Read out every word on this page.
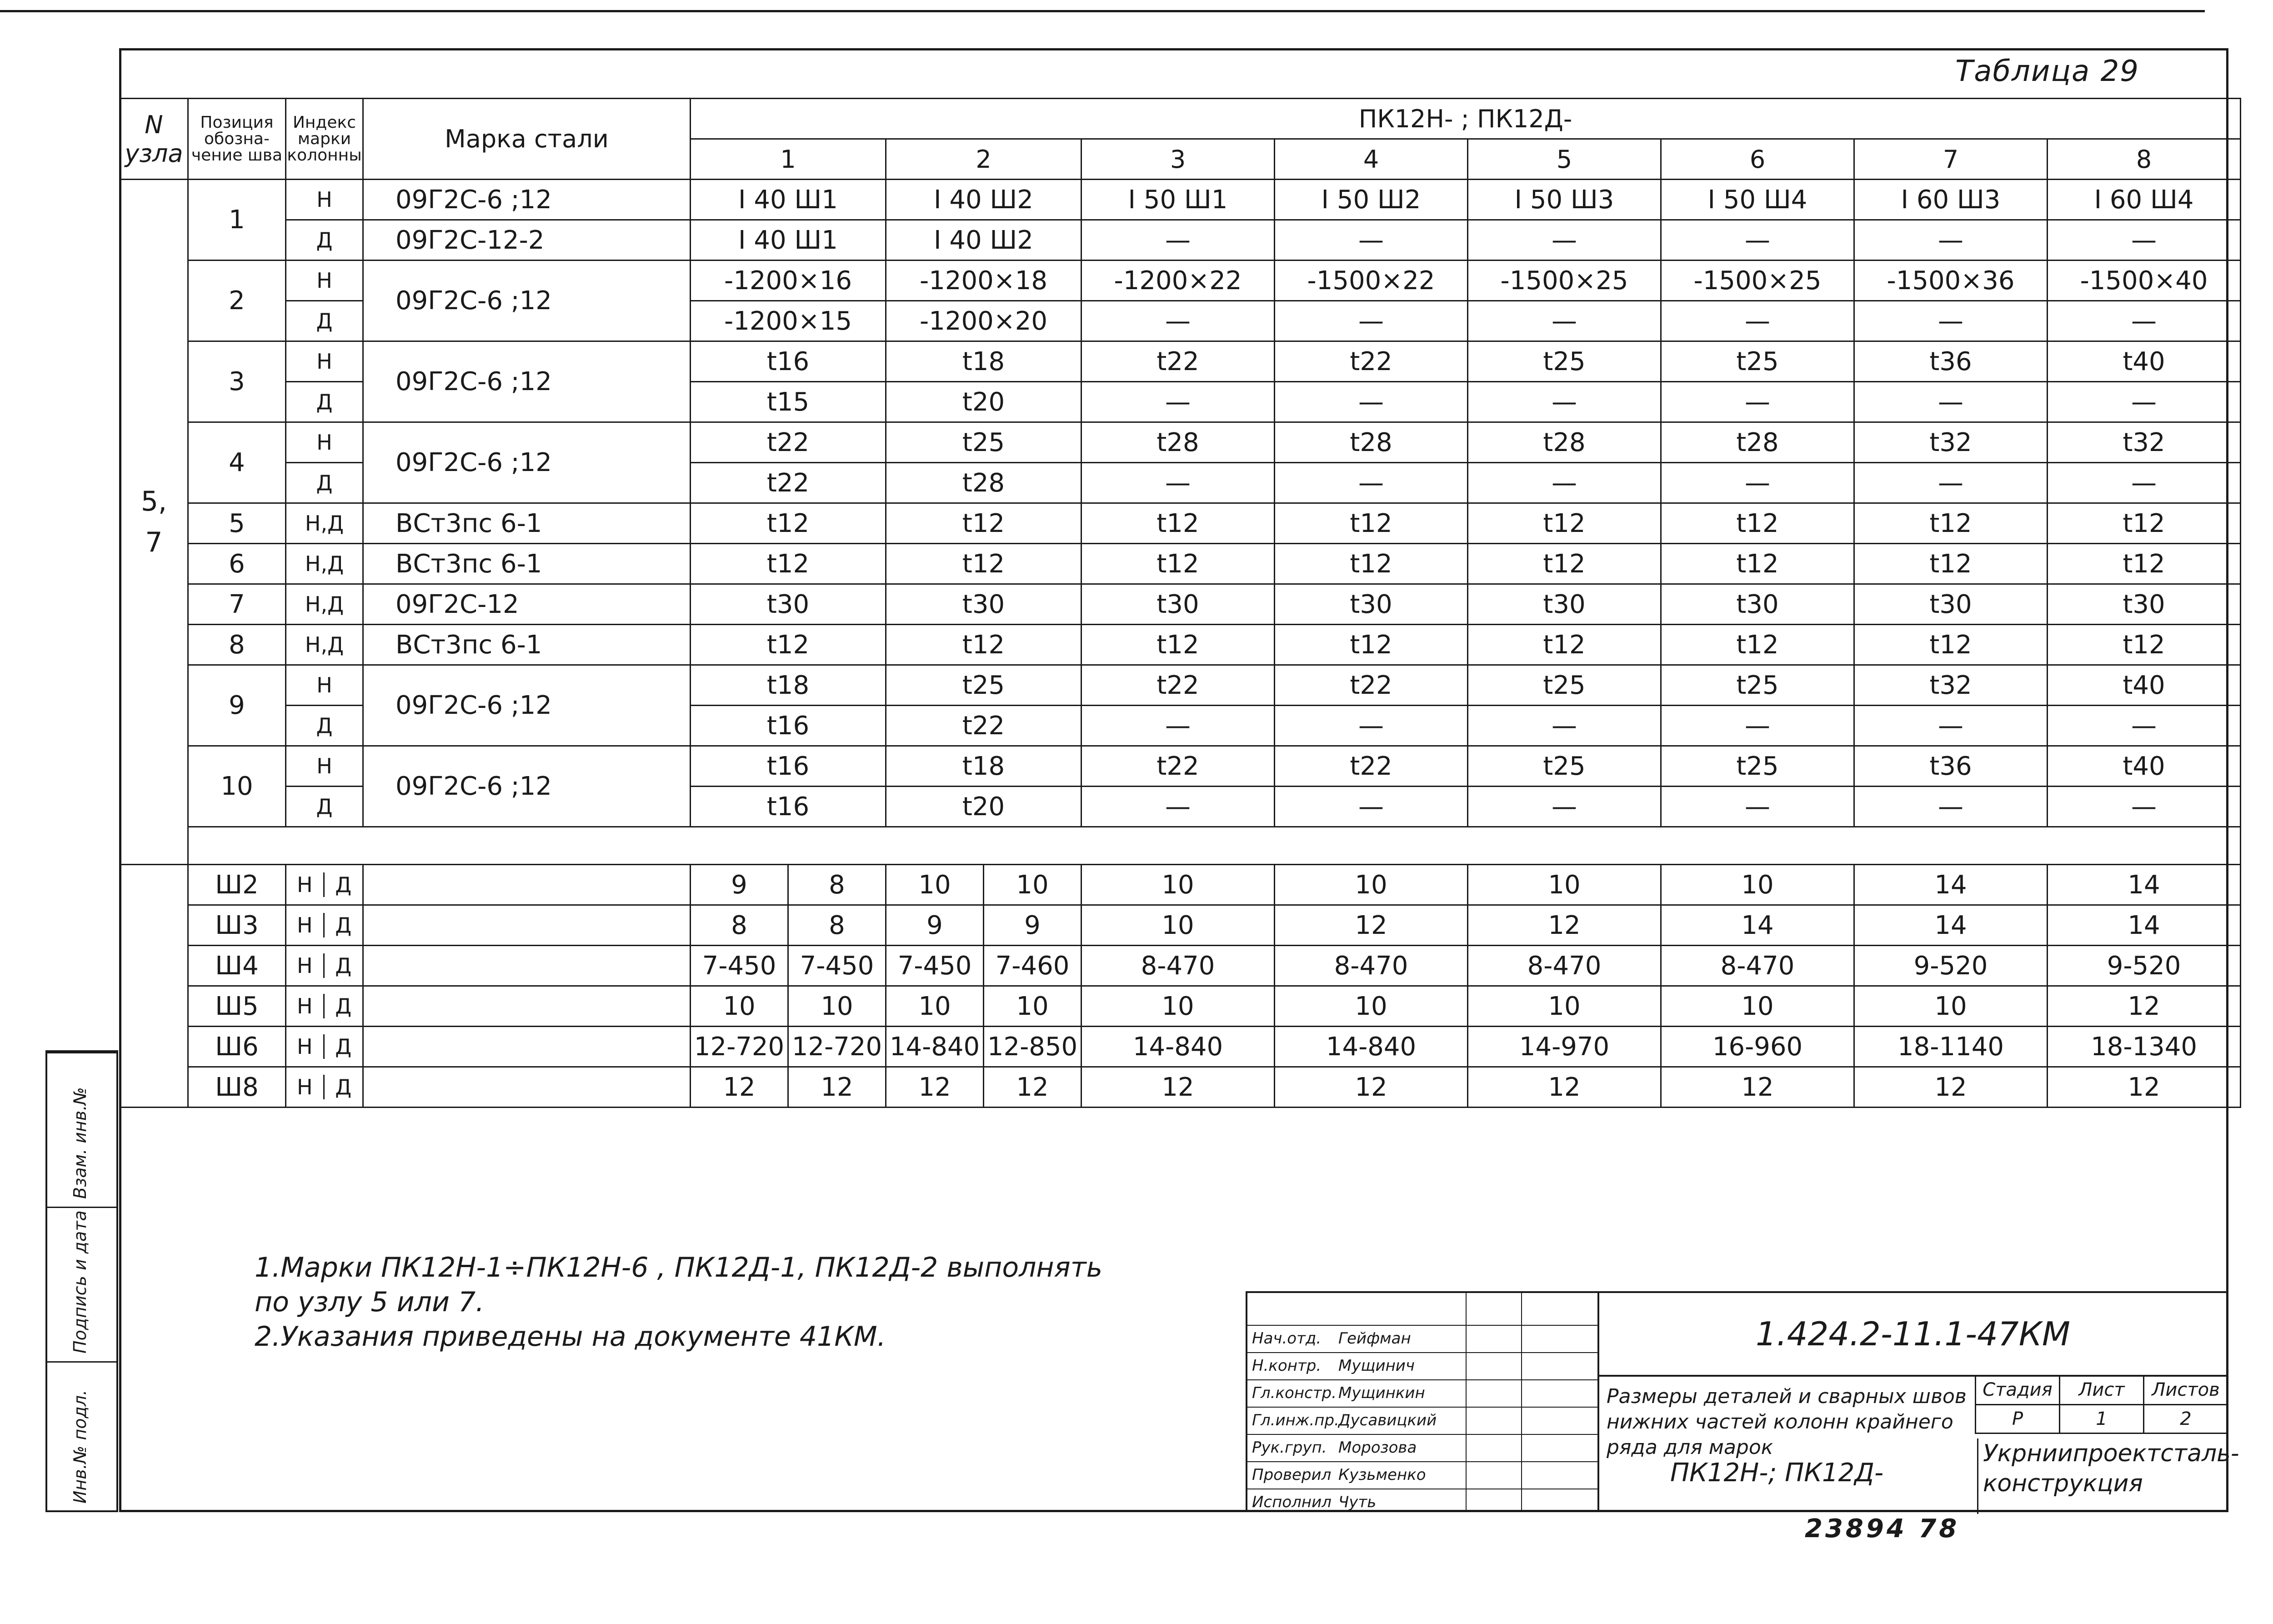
Таблица 29
N
узла	Позиция обозна-чение шва	Индекс марки колонны	Марка стали	ПК12Н- ; ПК12Д-									
				1		2		3	4	5	6	7	8
5,
7	1	Н	09Г2С-6 ;12	I 40 Ш1		I 40 Ш2		I 50 Ш1	I 50 Ш2	I 50 Ш3	I 50 Ш4	I 60 Ш3	I 60 Ш4
		Д	09Г2С-12-2	I 40 Ш1		I 40 Ш2		—	—	—	—	—	—
	2	Н	09Г2С-6 ;12	-1200×16		-1200×18		-1200×22	-1500×22	-1500×25	-1500×25	-1500×36	-1500×40
		Д		-1200×15		-1200×20		—	—	—	—	—	—
	3	Н	09Г2С-6 ;12	t16		t18		t22	t22	t25	t25	t36	t40
		Д		t15		t20		—	—	—	—	—	—
	4	Н	09Г2С-6 ;12	t22		t25		t28	t28	t28	t28	t32	t32
		Д		t22		t28		—	—	—	—	—	—
	5	Н,Д	ВСт3пс 6-1	t12		t12		t12	t12	t12	t12	t12	t12
	6	Н,Д	ВСт3пс 6-1	t12		t12		t12	t12	t12	t12	t12	t12
	7	Н,Д	09Г2С-12	t30		t30		t30	t30	t30	t30	t30	t30
	8	Н,Д	ВСт3пс 6-1	t12		t12		t12	t12	t12	t12	t12	t12
	9	Н	09Г2С-6 ;12	t18		t25		t22	t22	t25	t25	t32	t40
		Д		t16		t22		—	—	—	—	—	—
	10	Н	09Г2С-6 ;12	t16		t18		t22	t22	t25	t25	t36	t40
		Д		t16		t20		—	—	—	—	—	—

	Ш2	Н Д		9	8	10	10	10	10	10	10	14	14
	Ш3	Н Д		8	8	9	9	10	12	12	14	14	14
	Ш4	Н Д		7-450	7-450	7-450	7-460	8-470	8-470	8-470	8-470	9-520	9-520
	Ш5	Н Д		10	10	10	10	10	10	10	10	10	12
	Ш6	Н Д		12-720	12-720	14-840	12-850	14-840	14-840	14-970	16-960	18-1140	18-1340
	Ш8	Н Д		12	12	12	12	12	12	12	12	12	12
1.Марки ПК12Н-1÷ПК12Н-6 , ПК12Д-1, ПК12Д-2 выполнять
по узлу 5 или 7.
2.Указания приведены на документе 41КМ.
Взам. инв.№
Подпись и дата
Инв.№ подл.
Нач.отд. Гейфман
Н.контр. Мущинич
Гл.констр. Мущинкин
Гл.инж.пр.
Дусавицкий
Рук.груп. Морозова
Проверил Кузьменко
Исполнил Чуть
1.424.2-11.1-47КМ
Размеры деталей и сварных швов
нижних частей колонн крайнего
ряда для марок
ПК12Н-; ПК12Д-
Стадия	Лист	Листов
Р	1	2
Укрниипроектсталь-конструкция
23894 78
